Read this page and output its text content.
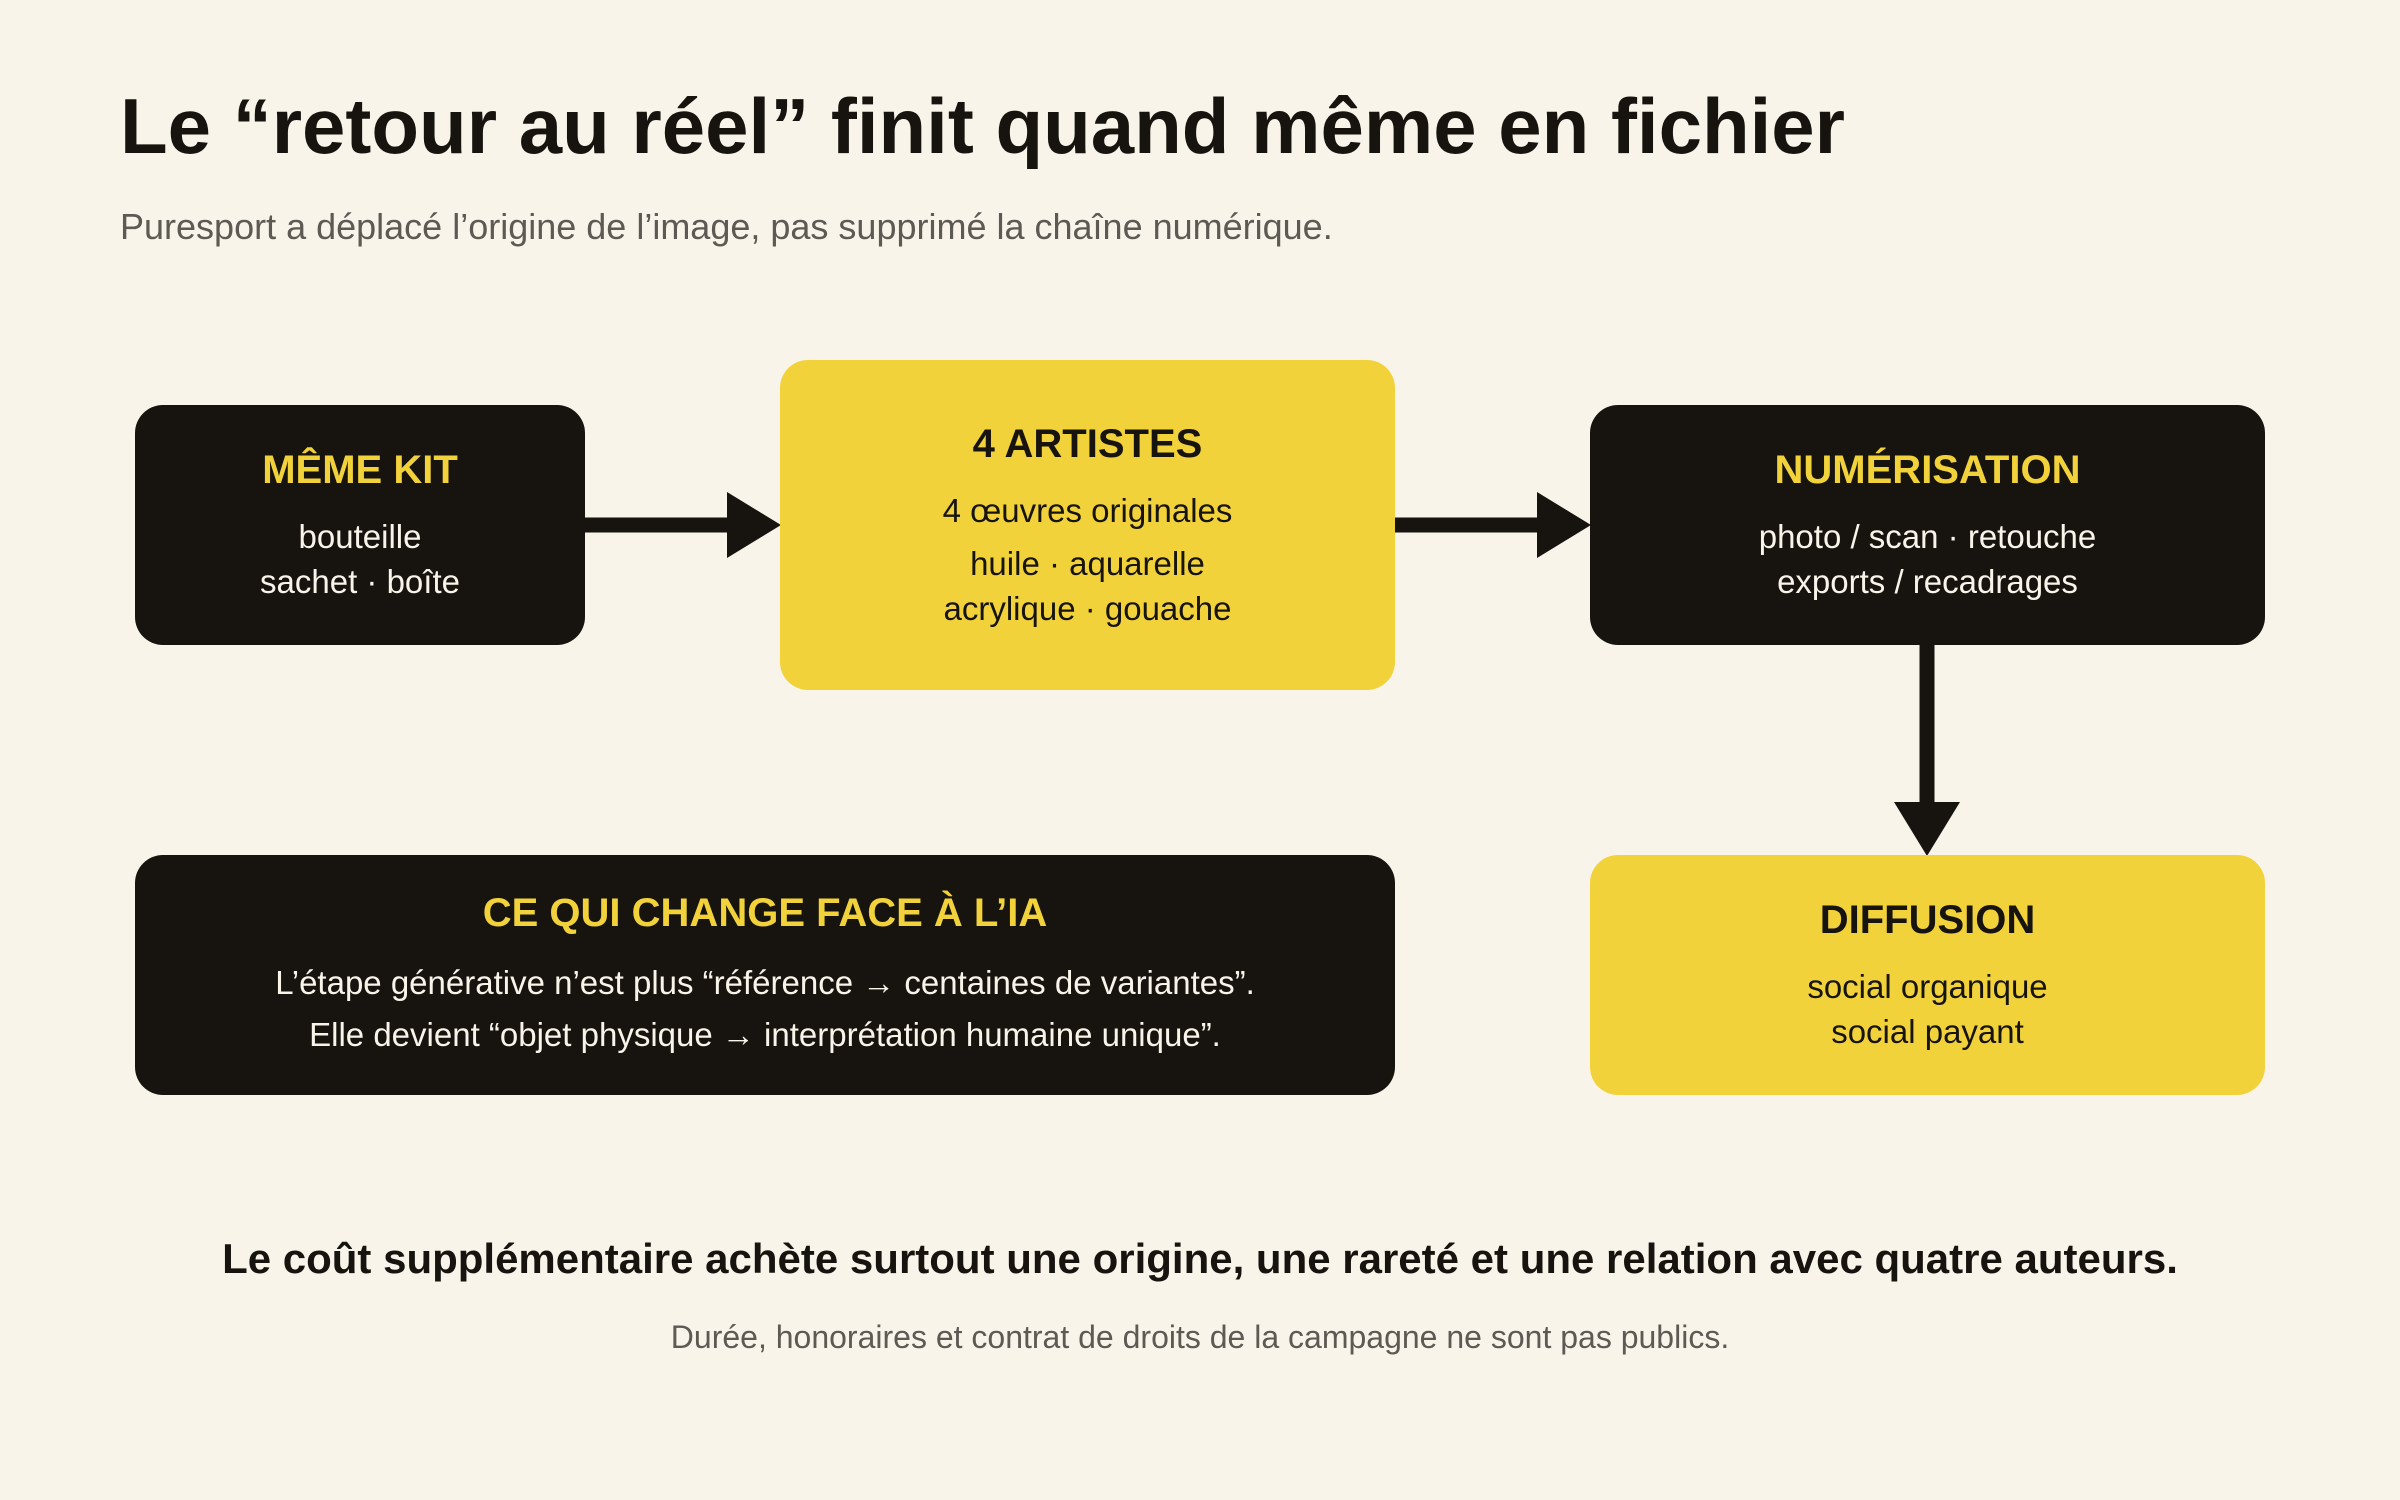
Le “retour au réel” finit quand même en fichier

Puresport a déplacé l’origine de l’image, pas supprimé la chaîne numérique.

MÊME KIT
bouteille
sachet · boîte
4 ARTISTES
4 œuvres originales
huile · aquarelle
acrylique · gouache
NUMÉRISATION
photo / scan · retouche
exports / recadrages
CE QUI CHANGE FACE À L’IA
L’étape générative n’est plus “référence → centaines de variantes”.
Elle devient “objet physique → interprétation humaine unique”.
DIFFUSION
social organique
social payant

Le coût supplémentaire achète surtout une origine, une rareté et une relation avec quatre auteurs.

Durée, honoraires et contrat de droits de la campagne ne sont pas publics.
